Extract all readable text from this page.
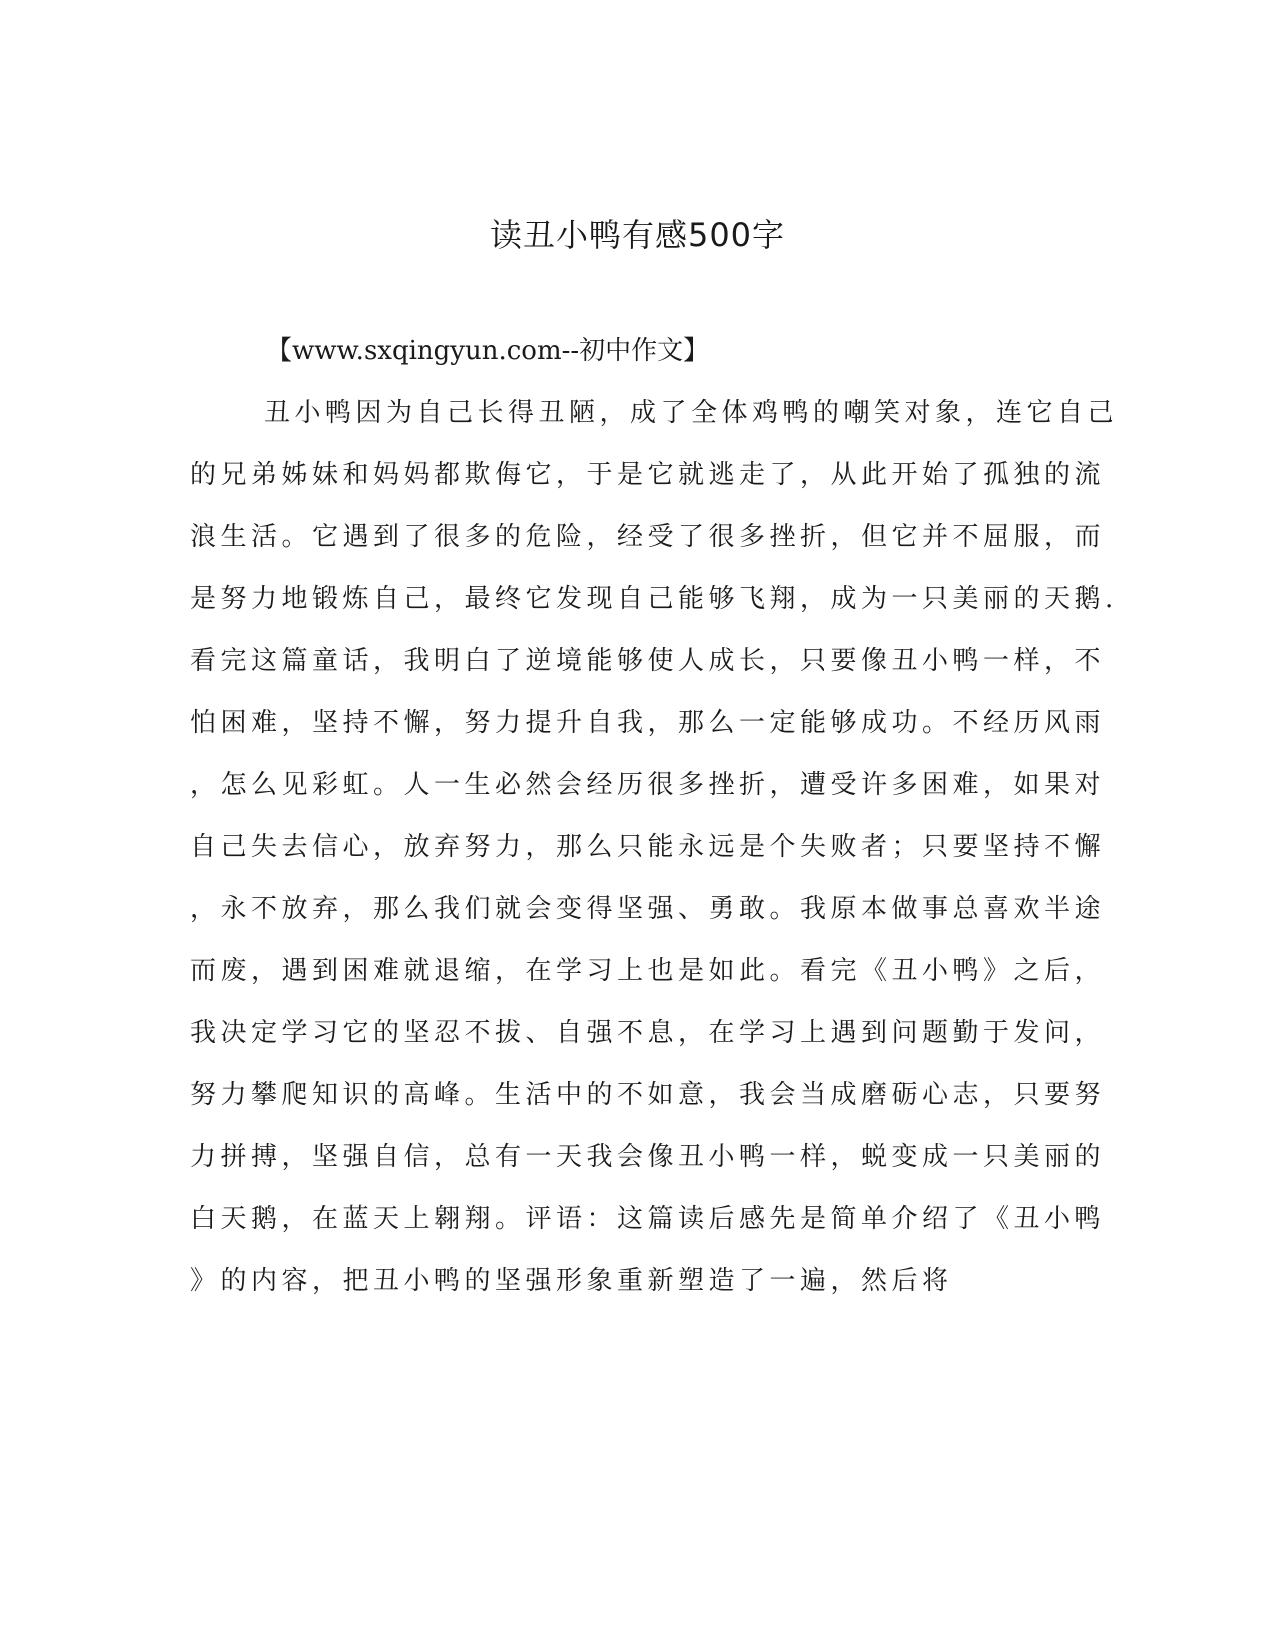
读丑小鸭有感500字

【www.sxqingyun.com--初中作文】

丑小鸭因为自己长得丑陋，成了全体鸡鸭的嘲笑对象，连它自己
的兄弟姊妹和妈妈都欺侮它，于是它就逃走了，从此开始了孤独的流
浪生活。它遇到了很多的危险，经受了很多挫折，但它并不屈服，而
是努力地锻炼自己，最终它发现自己能够飞翔，成为一只美丽的天鹅.
看完这篇童话，我明白了逆境能够使人成长，只要像丑小鸭一样，不
怕困难，坚持不懈，努力提升自我，那么一定能够成功。不经历风雨
，怎么见彩虹。人一生必然会经历很多挫折，遭受许多困难，如果对
自己失去信心，放弃努力，那么只能永远是个失败者；只要坚持不懈
，永不放弃，那么我们就会变得坚强、勇敢。我原本做事总喜欢半途
而废，遇到困难就退缩，在学习上也是如此。看完《丑小鸭》之后，
我决定学习它的坚忍不拔、自强不息，在学习上遇到问题勤于发问，
努力攀爬知识的高峰。生活中的不如意，我会当成磨砺心志，只要努
力拼搏，坚强自信，总有一天我会像丑小鸭一样，蜕变成一只美丽的
白天鹅，在蓝天上翱翔。评语：这篇读后感先是简单介绍了《丑小鸭
》的内容，把丑小鸭的坚强形象重新塑造了一遍，然后将
